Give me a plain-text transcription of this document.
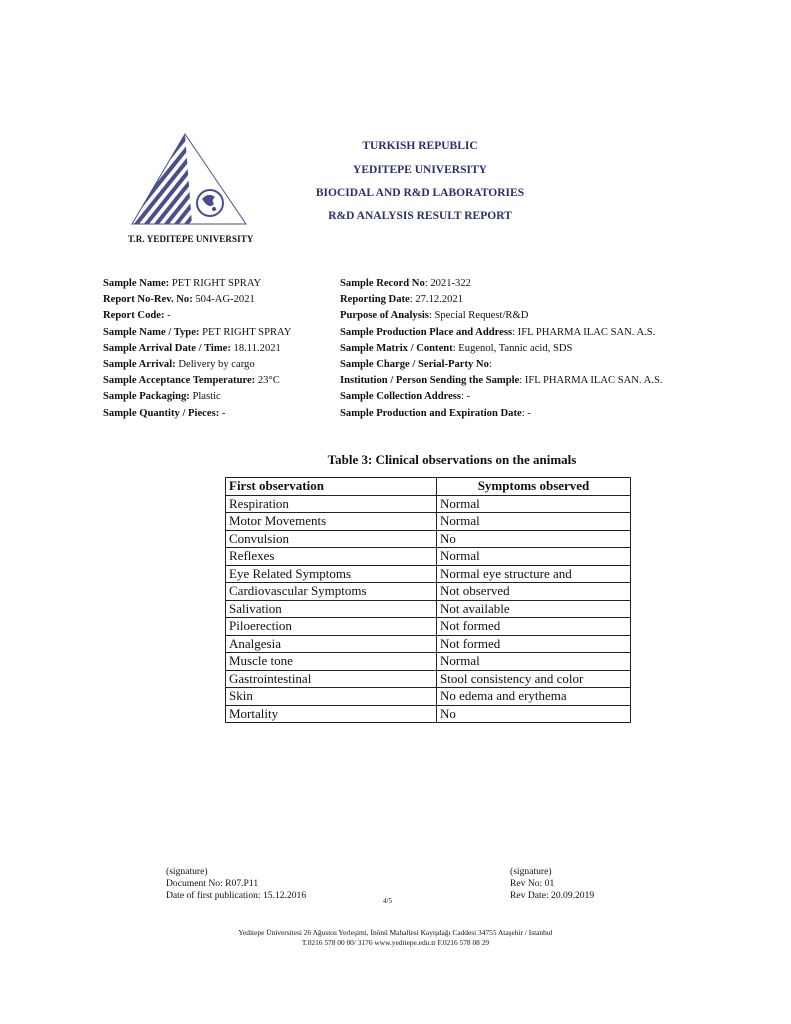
T.R. YEDITEPE UNIVERSITY
TURKISH REPUBLIC
YEDITEPE UNIVERSITY
BIOCIDAL AND R&D LABORATORIES
R&D ANALYSIS RESULT REPORT
Sample Name: PET RIGHT SPRAY
Report No-Rev. No: 504-AG-2021
Report Code: -
Sample Name / Type: PET RIGHT SPRAY
Sample Arrival Date / Time: 18.11.2021
Sample Arrival: Delivery by cargo
Sample Acceptance Temperature: 23°C
Sample Packaging: Plastic
Sample Quantity / Pieces: -
Sample Record No: 2021-322
Reporting Date: 27.12.2021
Purpose of Analysis: Special Request/R&D
Sample Production Place and Address: IFL PHARMA ILAC SAN. A.S.
Sample Matrix / Content: Eugenol, Tannic acid, SDS
Sample Charge / Serial-Party No:
Institution / Person Sending the Sample: IFL PHARMA ILAC SAN. A.S.
Sample Collection Address: -
Sample Production and Expiration Date: -
Table 3: Clinical observations on the animals
First observation	Symptoms observed
Respiration	Normal
Motor Movements	Normal
Convulsion	No
Reflexes	Normal
Eye Related Symptoms	Normal eye structure and
Cardiovascular Symptoms	Not observed
Salivation	Not available
Piloerection	Not formed
Analgesia	Not formed
Muscle tone	Normal
Gastrointestinal	Stool consistency and color
Skin	No edema and erythema
Mortality	No
(signature)
Document No: R07.P11
Date of first publication: 15.12.2016	4/5
(signature)
Rev No: 01
Rev Date: 20.09.2019
Yeditepe Üniversitesi 26 Ağustos Yerleşimi, İnönü Mahallesi Kayışdağı Caddesi 34755 Ataşehir / Istanbul
T.0216 578 00 00/ 3176 www.yeditepe.edu.tr F.0216 578 08 29
